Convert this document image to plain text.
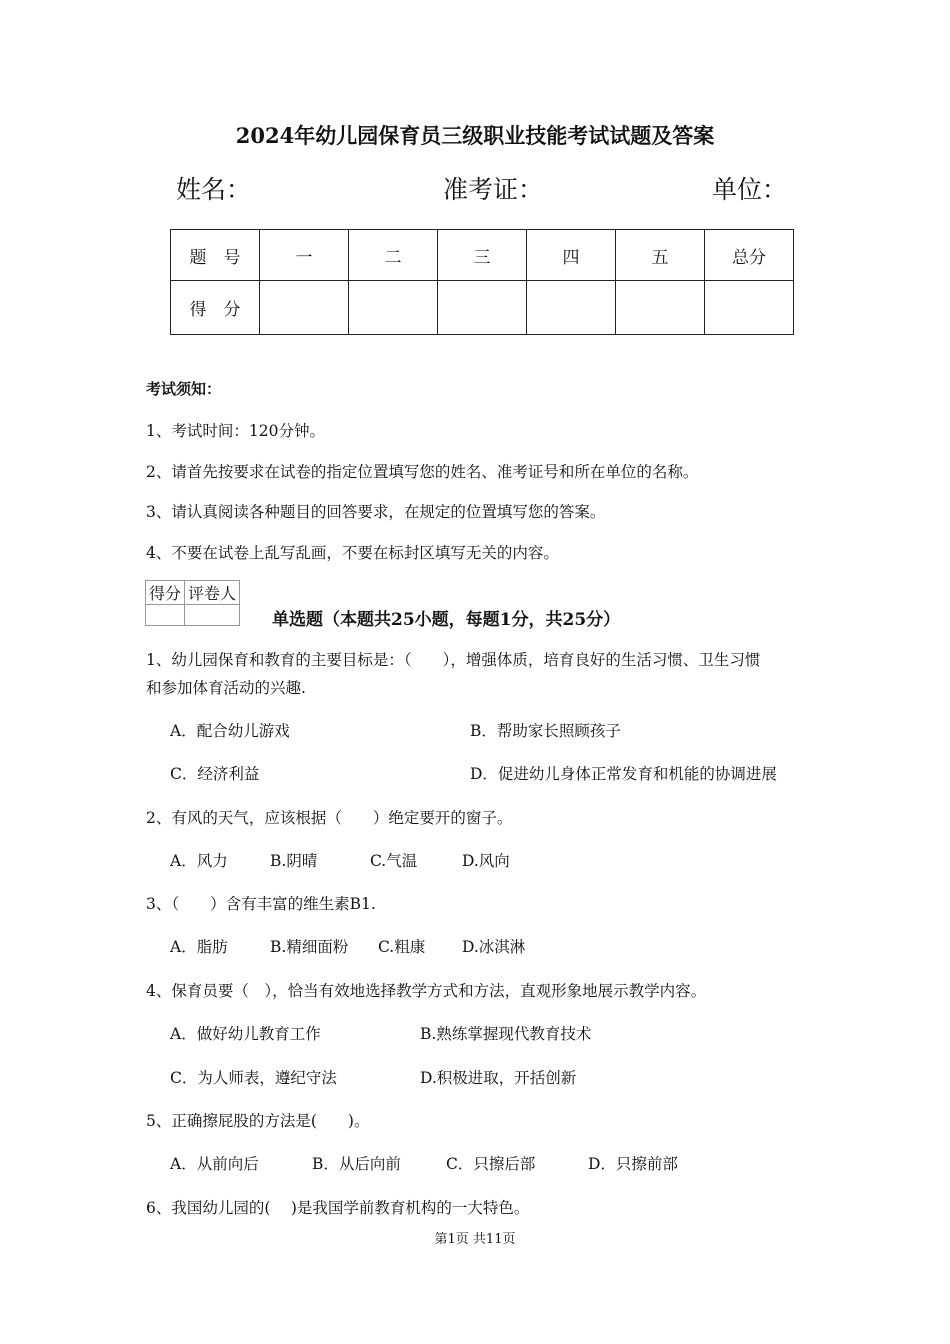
2024年幼儿园保育员三级职业技能考试试题及答案
姓名：	准考证：	单位：
题　号	一	二	三	四	五	总分
得　分						
考试须知：
1、考试时间：120分钟。
2、请首先按要求在试卷的指定位置填写您的姓名、准考证号和所在单位的名称。
3、请认真阅读各种题目的回答要求，在规定的位置填写您的答案。
4、不要在试卷上乱写乱画，不要在标封区填写无关的内容。
得分	评卷人

单选题（本题共25小题，每题1分，共25分）
1、幼儿园保育和教育的主要目标是：（　　），增强体质，培育良好的生活习惯、卫生习惯
和参加体育活动的兴趣.
A．配合幼儿游戏	B．帮助家长照顾孩子
C．经济利益	D．促进幼儿身体正常发育和机能的协调进展
2、有风的天气，应该根据（　　）绝定要开的窗子。
A．风力	B.阴晴	C.气温	D.风向
3、（　　）含有丰富的维生素B1.
A．脂肪	B.精细面粉 C.粗康 D.冰淇淋
4、保育员要（　），恰当有效地选择教学方式和方法，直观形象地展示教学内容。
A．做好幼儿教育工作	B.熟练掌握现代教育技术
C．为人师表，遵纪守法	D.积极进取，开括创新
5、正确擦屁股的方法是(　　)。
A．从前向后	B．从后向前	C．只擦后部	D．只擦前部
6、我国幼儿园的(　 )是我国学前教育机构的一大特色。
第1页 共11页
